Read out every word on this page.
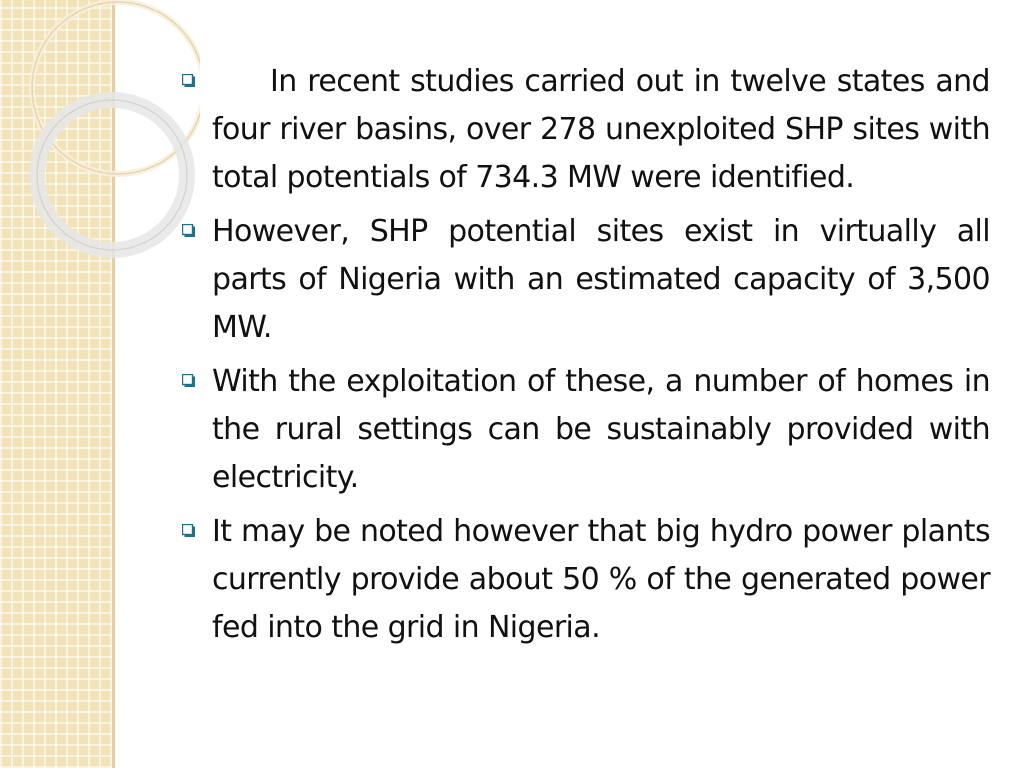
In recent studies carried out in twelve states and four river basins, over 278 unexploited SHP sites with total potentials of 734.3 MW were identified.
However, SHP potential sites exist in virtually all parts of Nigeria with an estimated capacity of 3,500 MW.
With the exploitation of these, a number of homes in the rural settings can be sustainably provided with electricity.
It may be noted however that big hydro power plants currently provide about 50 % of the generated power fed into the grid in Nigeria.
